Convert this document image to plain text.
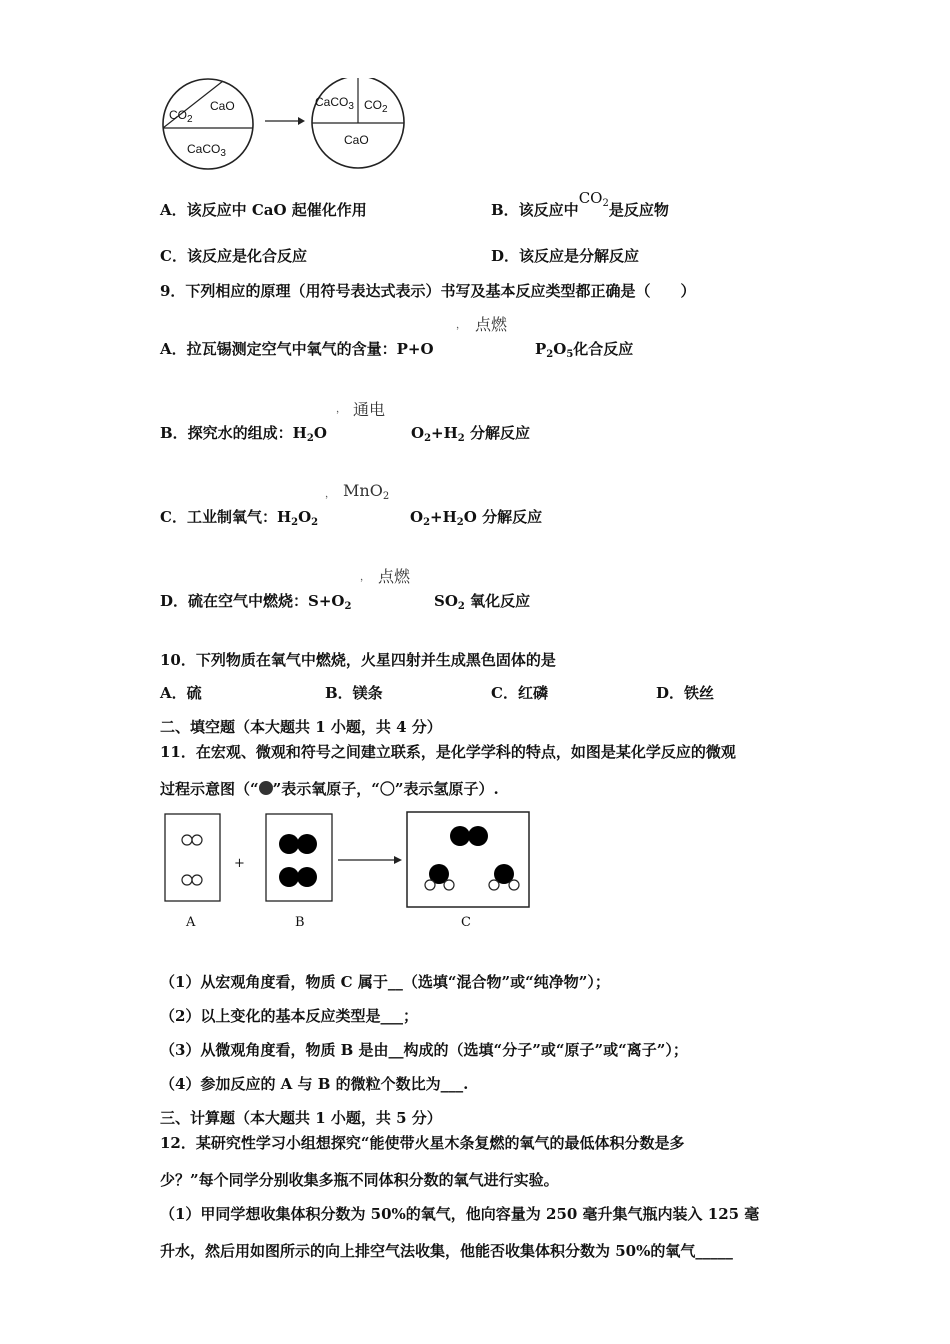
$CO_2$
CaO
CaCO$_3$
CaCO$_3$ $CO_2$
CaO
A．该反应中 CaO 起催化作用	B．该反应中$CO_2$是反应物
C．该反应是化合反应	D．该反应是分解反应
9．下列相应的原理（用符号表达式表示）书写及基本反应类型都正确是（　　）
， 点燃
A．拉瓦锡测定空气中氧气的含量：P+O	$P_2O_5$化合反应
， 通电
B．探究水的组成：$H_2O$	$O_2+H_2$ 分解反应
， MnO$_2$
C．工业制氧气：$H_2O_2$	$O_2+H_2O$ 分解反应
， 点燃
D．硫在空气中燃烧：$S+O_2$	$SO_2$ 氧化反应
10．下列物质在氧气中燃烧，火星四射并生成黑色固体的是
A．硫	B．镁条	C．红磷	D．铁丝
二、填空题（本大题共 1 小题，共 4 分）
11．在宏观、微观和符号之间建立联系，是化学学科的特点，如图是某化学反应的微观
过程示意图（“ ”表示氧原子，“〇”表示氢原子）.
+
A	B	C
（1）从宏观角度看，物质 C 属于__（选填“混合物”或“纯净物”）；
（2）以上变化的基本反应类型是___；
（3）从微观角度看，物质 B 是由__构成的（选填“分子”或“原子”或“离子”）；
（4）参加反应的 A 与 B 的微粒个数比为___.
三、计算题（本大题共 1 小题，共 5 分）
12．某研究性学习小组想探究“能使带火星木条复燃的氧气的最低体积分数是多
少？”每个同学分别收集多瓶不同体积分数的氧气进行实验。
（1）甲同学想收集体积分数为 50%的氧气，他向容量为 250 毫升集气瓶内装入 125 毫
升水，然后用如图所示的向上排空气法收集，他能否收集体积分数为 50%的氧气_____
